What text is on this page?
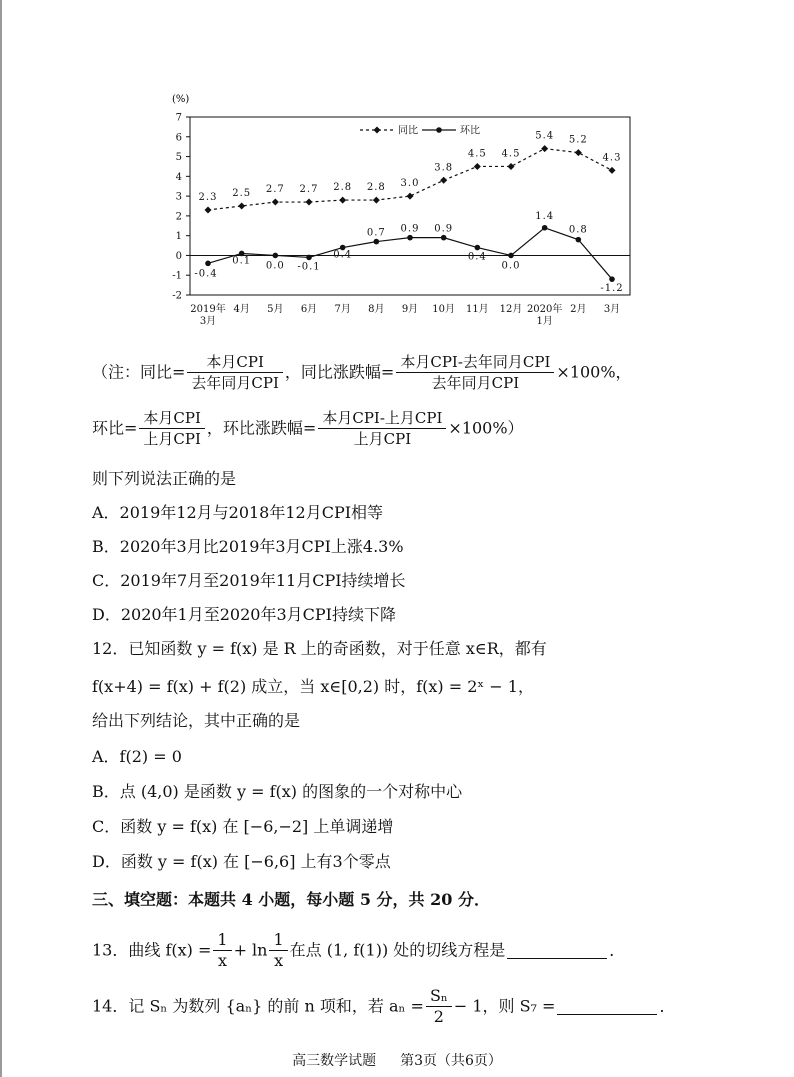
(%)
7
6
5
4
3
2
1
0
-1
-2
2019年
3月
4月 5月 6月 7月 8月 9月 10月 11月 12月 2020年
1月
2月 3月
2.3 2.5 2.7 2.7 2.8 2.8 3.0
3.8
4.5 4.5
5.4 5.2
4.3
-0.4
0.1 0.0 -0.1
0.4
0.7 0.9 0.9
0.4
0.0
1.4
0.8
-1.2
同比	环比
（注：同比= $\frac{\text{本月CPI}}{\text{去年同月CPI}}$ ，同比涨跌幅= $\frac{\text{本月CPI-去年同月CPI}}{\text{去年同月CPI}} \times 100\%$，
环比= $\frac{\text{本月CPI}}{\text{上月CPI}}$ ，环比涨跌幅= $\frac{\text{本月CPI-上月CPI}}{\text{上月CPI}} \times 100\%$）
则下列说法正确的是
A．2019年12月与2018年12月CPI相等
B．2020年3月比2019年3月CPI上涨4.3%
C．2019年7月至2019年11月CPI持续增长
D．2020年1月至2020年3月CPI持续下降
12．已知函数 y = f(x) 是 R 上的奇函数，对于任意 x∈R，都有
f(x+4) = f(x) + f(2) 成立，当 x∈[0,2) 时，f(x) = 2ˣ − 1，
给出下列结论，其中正确的是
A．f(2) = 0
B．点 (4,0) 是函数 y = f(x) 的图象的一个对称中心
C．函数 y = f(x) 在 [−6,−2] 上单调递增
D．函数 y = f(x) 在 [−6,6] 上有3个零点
三、填空题：本题共 4 小题，每小题 5 分，共 20 分．
13．曲线 $f(x) = \frac{1}{x} + \ln \frac{1}{x}$ 在点 (1, f(1)) 处的切线方程是	．
14．记 Sₙ 为数列 {aₙ} 的前 n 项和，若 $a_n = \frac{\text{Sₙ}}{2} - 1$，则 S₇ =	．
高三数学试题 第3页（共6页）
